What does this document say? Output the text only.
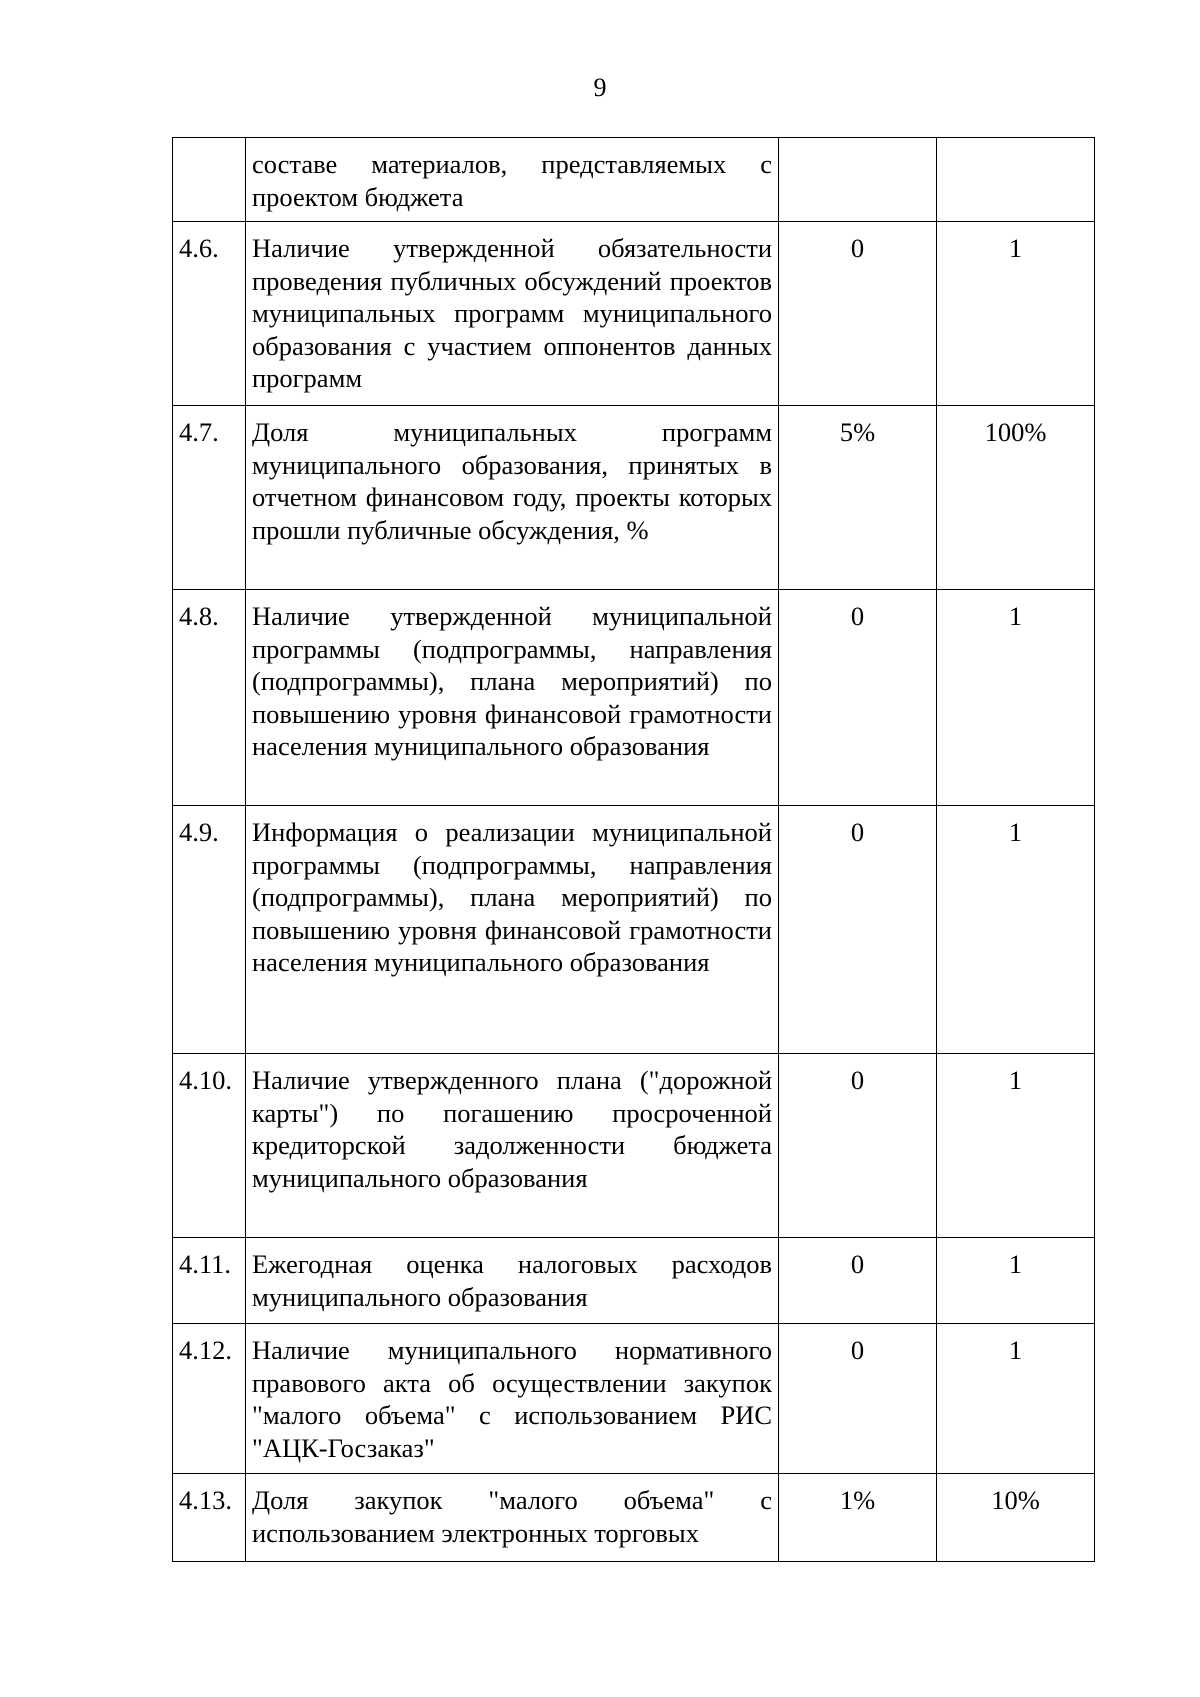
9
	составе материалов, представляемых с проектом бюджета		
4.6.	Наличие утвержденной обязательности проведения публичных обсуждений проектов муниципальных программ муниципального образования с участием оппонентов данных программ	0	1
4.7.	Доля муниципальных программ муниципального образования, принятых в отчетном финансовом году, проекты которых прошли публичные обсуждения, %	5%	100%
4.8.	Наличие утвержденной муниципальной программы (подпрограммы, направления (подпрограммы), плана мероприятий) по повышению уровня финансовой грамотности населения муниципального образования	0	1
4.9.	Информация о реализации муниципальной программы (подпрограммы, направления (подпрограммы), плана мероприятий) по повышению уровня финансовой грамотности населения муниципального образования	0	1
4.10.	Наличие утвержденного плана ("дорожной карты") по погашению просроченной кредиторской задолженности бюджета муниципального образования	0	1
4.11.	Ежегодная оценка налоговых расходов муниципального образования	0	1
4.12.	Наличие муниципального нормативного правового акта об осуществлении закупок "малого объема" с использованием РИС "АЦК-Госзаказ"	0	1
4.13.	Доля закупок "малого объема" с использованием электронных торговых	1%	10%
